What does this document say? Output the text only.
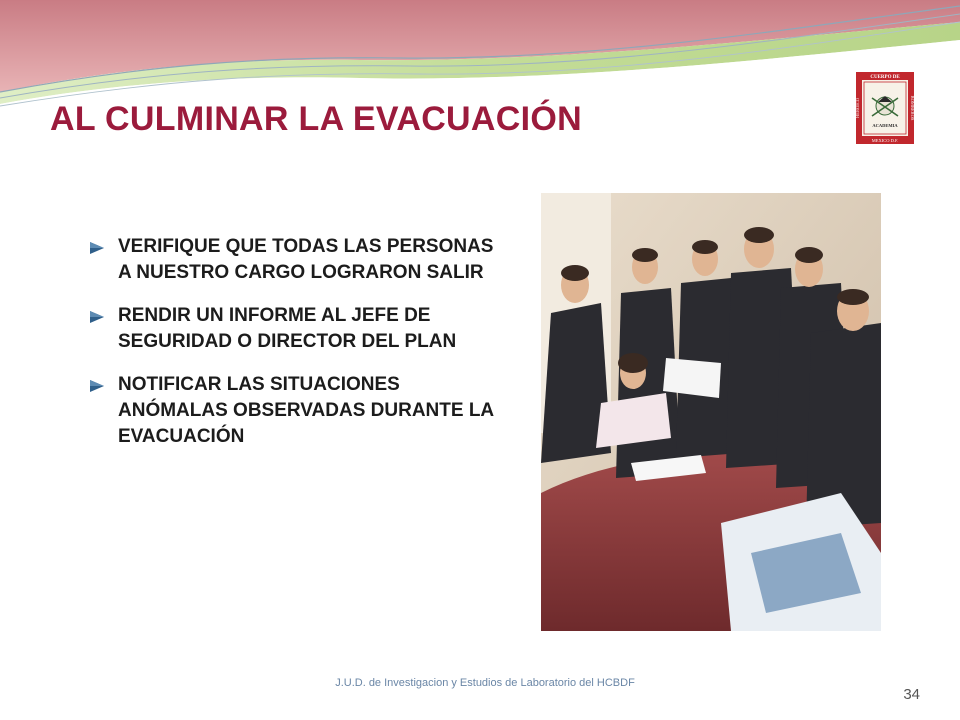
AL CULMINAR LA EVACUACIÓN
CUERPO DE
HEROICO	BOMBEROS
ACADEMIA
MEXICO D.F.
VERIFIQUE QUE TODAS LAS PERSONAS A NUESTRO CARGO LOGRARON SALIR
RENDIR UN INFORME AL JEFE DE SEGURIDAD O DIRECTOR DEL PLAN
NOTIFICAR LAS SITUACIONES ANÓMALAS OBSERVADAS DURANTE LA EVACUACIÓN
J.U.D. de Investigacion y Estudios de Laboratorio del HCBDF
34
